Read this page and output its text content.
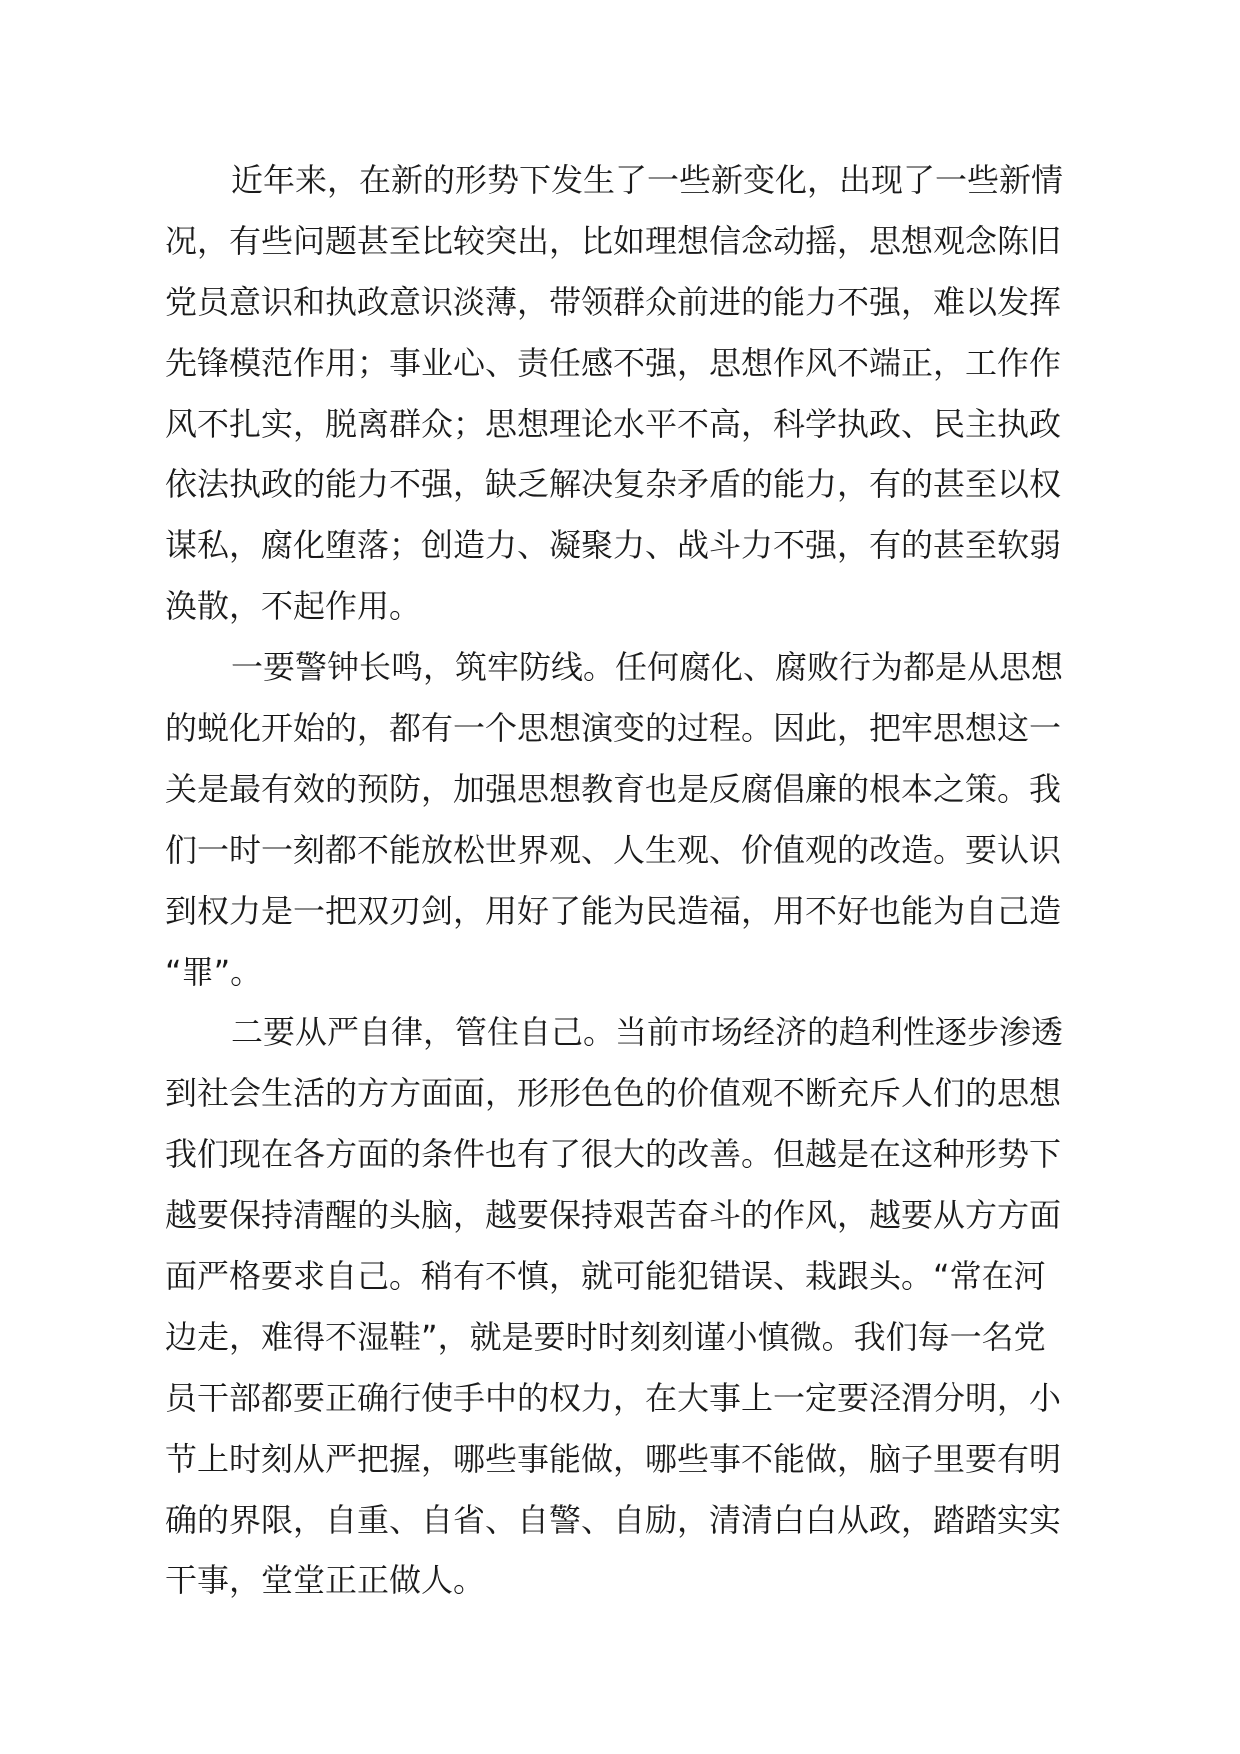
近年来，在新的形势下发生了一些新变化，出现了一些新情
况，有些问题甚至比较突出，比如理想信念动摇，思想观念陈旧
党员意识和执政意识淡薄，带领群众前进的能力不强，难以发挥
先锋模范作用；事业心、责任感不强，思想作风不端正，工作作
风不扎实，脱离群众；思想理论水平不高，科学执政、民主执政
依法执政的能力不强，缺乏解决复杂矛盾的能力，有的甚至以权
谋私，腐化堕落；创造力、凝聚力、战斗力不强，有的甚至软弱
涣散，不起作用。
一要警钟长鸣，筑牢防线。任何腐化、腐败行为都是从思想
的蜕化开始的，都有一个思想演变的过程。因此，把牢思想这一
关是最有效的预防，加强思想教育也是反腐倡廉的根本之策。我
们一时一刻都不能放松世界观、人生观、价值观的改造。要认识
到权力是一把双刃剑，用好了能为民造福，用不好也能为自己造
“罪”。
二要从严自律，管住自己。当前市场经济的趋利性逐步渗透
到社会生活的方方面面，形形色色的价值观不断充斥人们的思想
我们现在各方面的条件也有了很大的改善。但越是在这种形势下
越要保持清醒的头脑，越要保持艰苦奋斗的作风，越要从方方面
面严格要求自己。稍有不慎，就可能犯错误、栽跟头。“常在河
边走，难得不湿鞋”，就是要时时刻刻谨小慎微。我们每一名党
员干部都要正确行使手中的权力，在大事上一定要泾渭分明，小
节上时刻从严把握，哪些事能做，哪些事不能做，脑子里要有明
确的界限，自重、自省、自警、自励，清清白白从政，踏踏实实
干事，堂堂正正做人。
